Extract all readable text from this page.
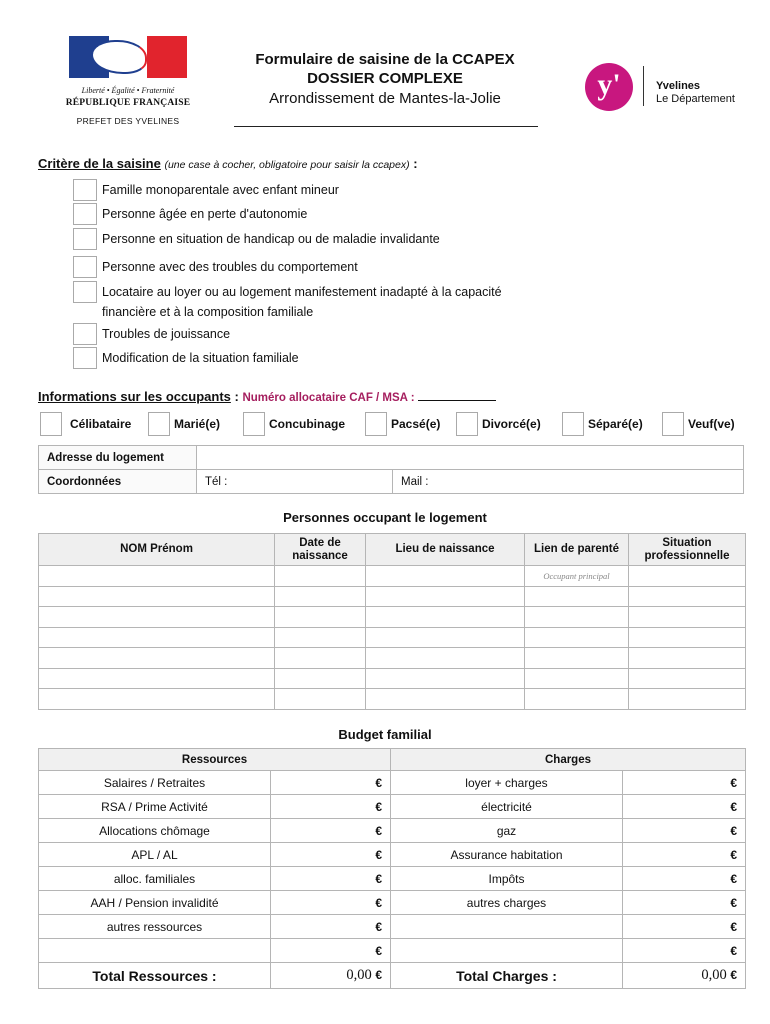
Liberté • Égalité • Fraternité
RÉPUBLIQUE FRANÇAISE
PREFET DES YVELINES
Formulaire de saisine de la CCAPEX
DOSSIER COMPLEXE
Arrondissement de Mantes-la-Jolie	y'	Yvelines
Le Département
Critère de la saisine (une case à cocher, obligatoire pour saisir la ccapex) :
Famille monoparentale avec enfant mineur
Personne âgée en perte d'autonomie
Personne en situation de handicap ou de maladie invalidante
Personne avec des troubles du comportement
Locataire au loyer ou au logement manifestement inadapté à la capacité
financière et à la composition familiale
Troubles de jouissance
Modification de la situation familiale
Informations sur les occupants : Numéro allocataire CAF / MSA :
Célibataire	Marié(e)	Concubinage	Pacsé(e)	Divorcé(e)	Séparé(e)	Veuf(ve)
Adresse du logement		
Coordonnées	Tél :	Mail :
Personnes occupant le logement
NOM Prénom	Date de naissance	Lieu de naissance	Lien de parenté	Situation professionnelle
			Occupant principal	

Budget familial
Ressources		Charges	
Salaires / Retraites	€	loyer + charges	€
RSA / Prime Activité	€	électricité	€
Allocations chômage	€	gaz	€
APL / AL	€	Assurance habitation	€
alloc. familiales	€	Impôts	€
AAH / Pension invalidité	€	autres charges	€
autres ressources	€		€
	€		€
Total Ressources :	0,00 €	Total Charges :	0,00 €
